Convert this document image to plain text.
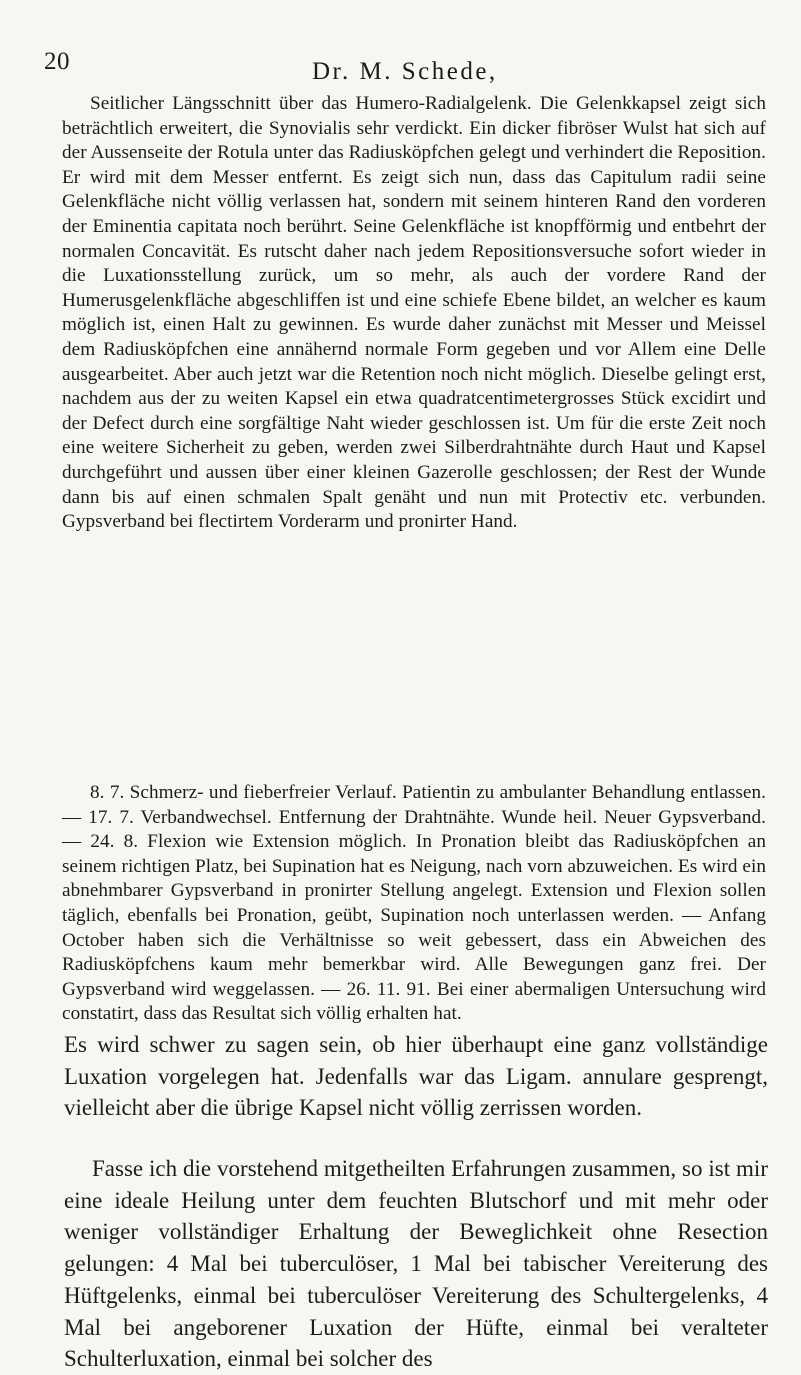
20	Dr. M. Schede,

Seitlicher Längsschnitt über das Humero-Radialgelenk. Die Gelenkkapsel zeigt sich beträchtlich erweitert, die Synovialis sehr verdickt. Ein dicker fibröser Wulst hat sich auf der Aussenseite der Rotula unter das Radiusköpfchen gelegt und verhindert die Reposition. Er wird mit dem Messer entfernt. Es zeigt sich nun, dass das Capitulum radii seine Gelenkfläche nicht völlig verlassen hat, sondern mit seinem hinteren Rand den vorderen der Eminentia capitata noch berührt. Seine Gelenkfläche ist knopfförmig und entbehrt der normalen Concavität. Es rutscht daher nach jedem Repositionsversuche sofort wieder in die Luxationsstellung zurück, um so mehr, als auch der vordere Rand der Humerusgelenkfläche abgeschliffen ist und eine schiefe Ebene bildet, an welcher es kaum möglich ist, einen Halt zu gewinnen. Es wurde daher zunächst mit Messer und Meissel dem Radiusköpfchen eine annähernd normale Form gegeben und vor Allem eine Delle ausgearbeitet. Aber auch jetzt war die Retention noch nicht möglich. Dieselbe gelingt erst, nachdem aus der zu weiten Kapsel ein etwa quadratcentimetergrosses Stück excidirt und der Defect durch eine sorgfältige Naht wieder geschlossen ist. Um für die erste Zeit noch eine weitere Sicherheit zu geben, werden zwei Silberdrahtnähte durch Haut und Kapsel durchgeführt und aussen über einer kleinen Gazerolle geschlossen; der Rest der Wunde dann bis auf einen schmalen Spalt genäht und nun mit Protectiv etc. verbunden. Gypsverband bei flectirtem Vorderarm und pronirter Hand.

8. 7. Schmerz- und fieberfreier Verlauf. Patientin zu ambulanter Behandlung entlassen. — 17. 7. Verbandwechsel. Entfernung der Drahtnähte. Wunde heil. Neuer Gypsverband. — 24. 8. Flexion wie Extension möglich. In Pronation bleibt das Radiusköpfchen an seinem richtigen Platz, bei Supination hat es Neigung, nach vorn abzuweichen. Es wird ein abnehmbarer Gypsverband in pronirter Stellung angelegt. Extension und Flexion sollen täglich, ebenfalls bei Pronation, geübt, Supination noch unterlassen werden. — Anfang October haben sich die Verhältnisse so weit gebessert, dass ein Abweichen des Radiusköpfchens kaum mehr bemerkbar wird. Alle Bewegungen ganz frei. Der Gypsverband wird weggelassen. — 26. 11. 91. Bei einer abermaligen Untersuchung wird constatirt, dass das Resultat sich völlig erhalten hat.

Es wird schwer zu sagen sein, ob hier überhaupt eine ganz vollständige Luxation vorgelegen hat. Jedenfalls war das Ligam. annulare gesprengt, vielleicht aber die übrige Kapsel nicht völlig zerrissen worden.

Fasse ich die vorstehend mitgetheilten Erfahrungen zusammen, so ist mir eine ideale Heilung unter dem feuchten Blutschorf und mit mehr oder weniger vollständiger Erhaltung der Beweglichkeit ohne Resection gelungen: 4 Mal bei tuberculöser, 1 Mal bei tabischer Vereiterung des Hüftgelenks, einmal bei tuberculöser Vereiterung des Schultergelenks, 4 Mal bei angeborener Luxation der Hüfte, einmal bei veralteter Schulterluxation, einmal bei solcher des
